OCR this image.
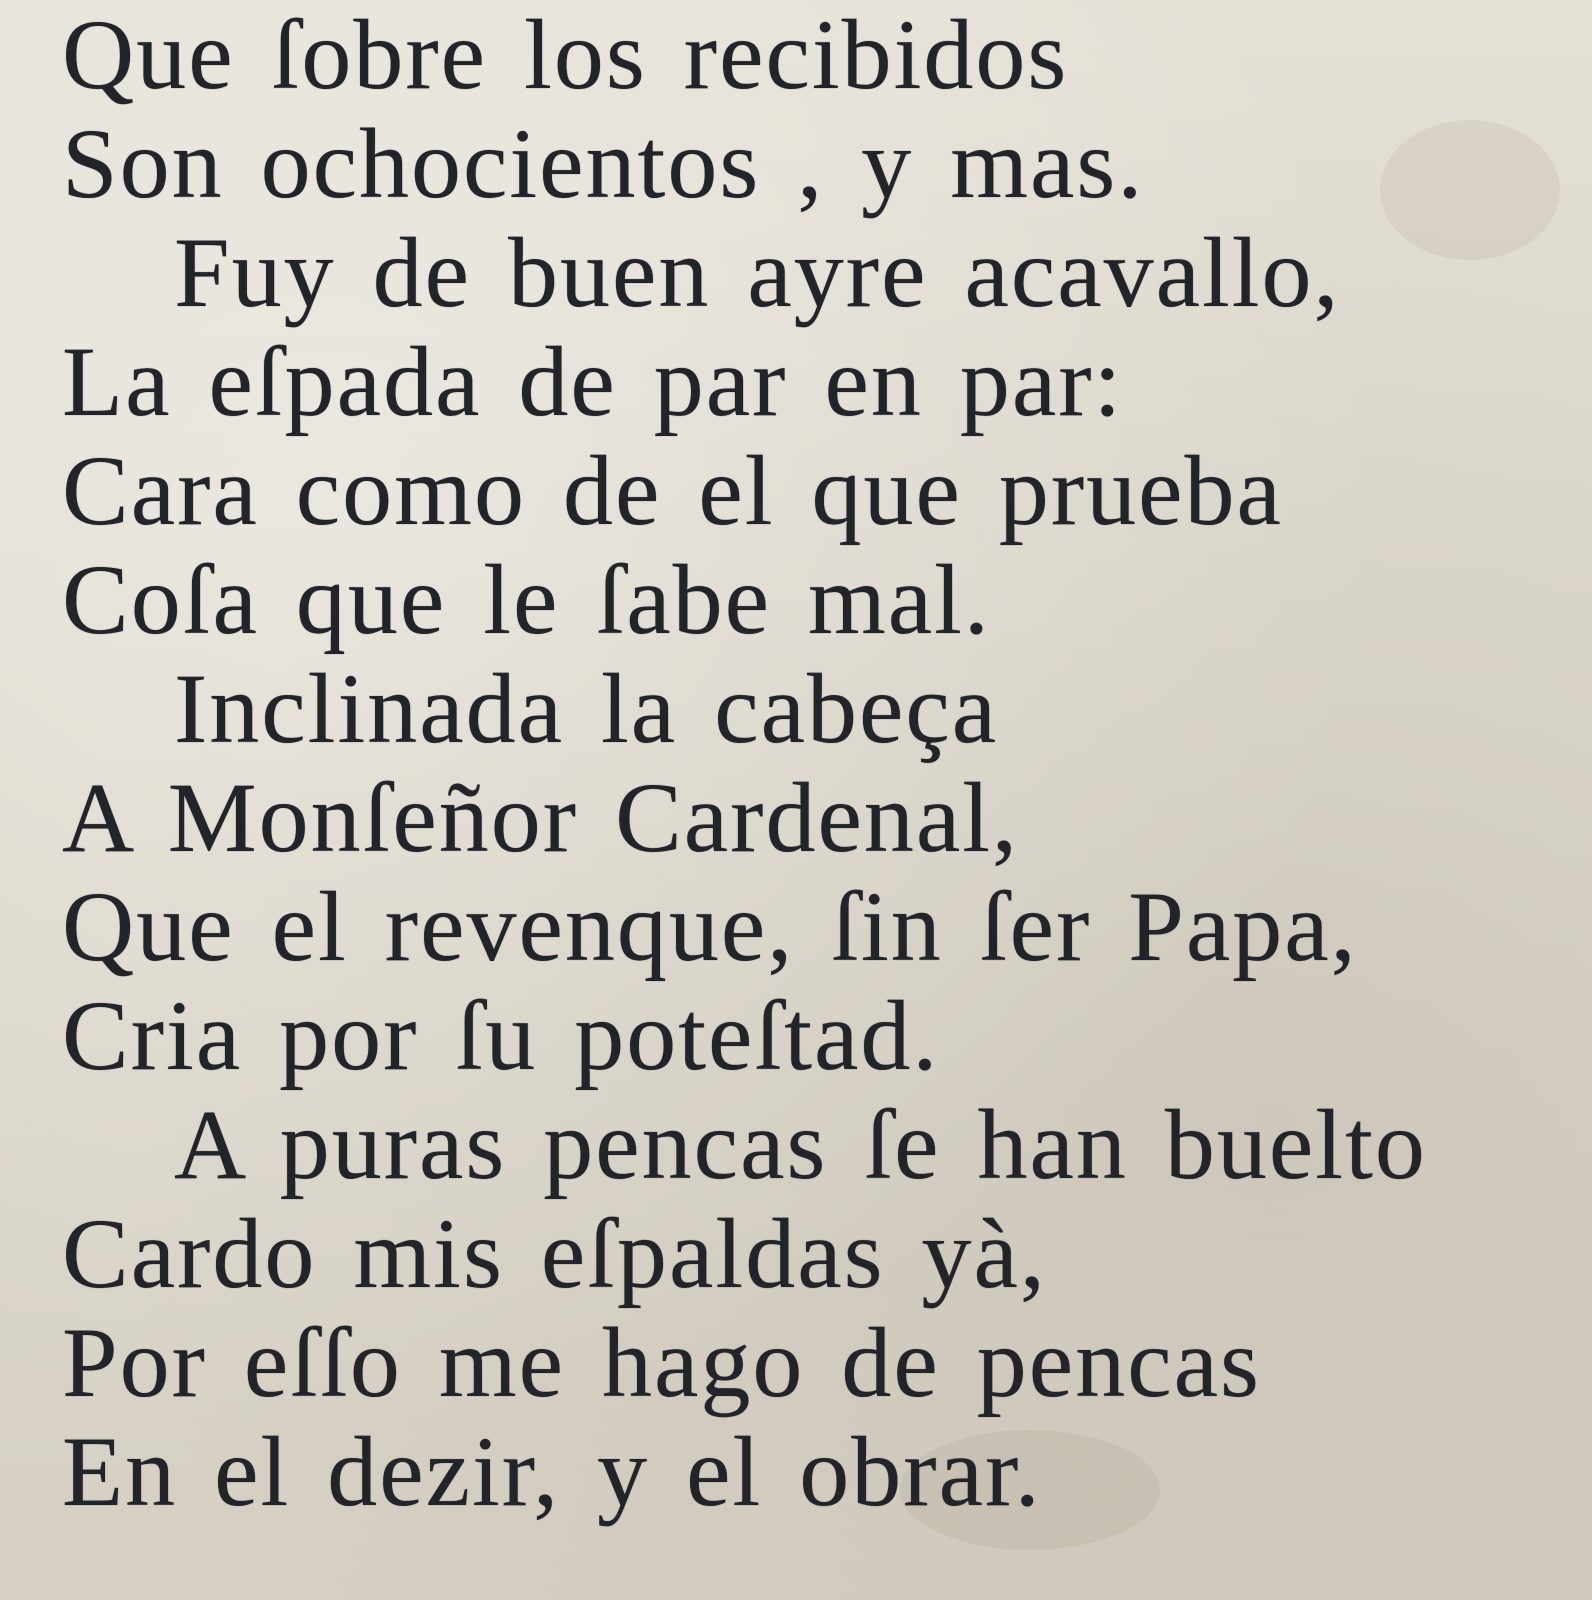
Que ſobre los recibidos
Son ochocientos , y mas.
Fuy de buen ayre acavallo,
La eſpada de par en par:
Cara como de el que prueba
Coſa que le ſabe mal.
Inclinada la cabeça
A Monſeñor Cardenal,
Que el revenque, ſin ſer Papa,
Cria por ſu poteſtad.
A puras pencas ſe han buelto
Cardo mis eſpaldas yà,
Por eſſo me hago de pencas
En el dezir, y el obrar.
